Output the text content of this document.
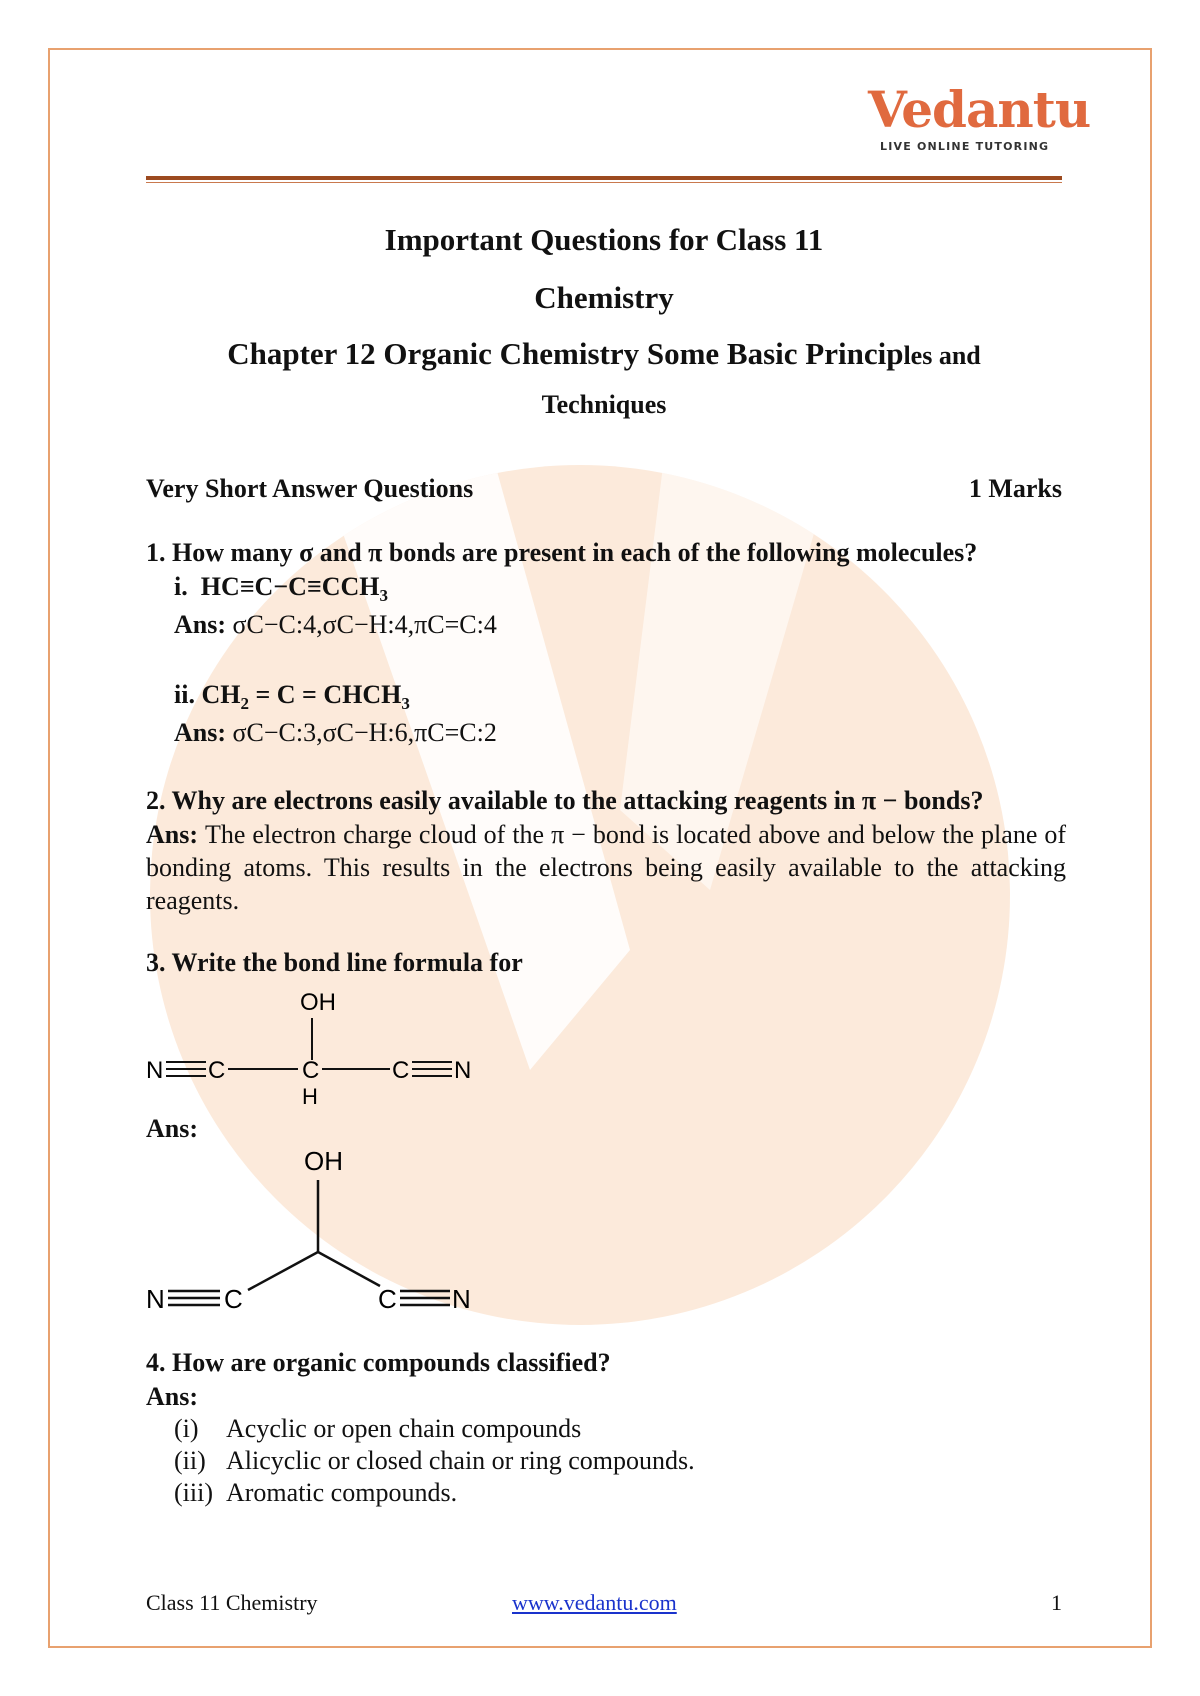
Vedantu
LIVE ONLINE TUTORING
Important Questions for Class 11
Chemistry
Chapter 12 Organic Chemistry Some Basic Principles and
Techniques
Very Short Answer Questions	1 Marks
1. How many σ and π bonds are present in each of the following molecules?
i. $HC\equiv C-C\equiv CCH_3$
Ans: σC−C:4,σC−H:4,πC=C:4
ii. $CH_2 = C$ = $CHCH_3$
Ans: σC−C:3,σC−H:6,πC=C:2
2. Why are electrons easily available to the attacking reagents in π − bonds?
Ans: The electron charge cloud of the π − bond is located above and below the plane of bonding atoms. This results in the electrons being easily available to the attacking reagents.
3. Write the bond line formula for
OH
N C	C
H
C N
Ans:
OH
N C	C N
4. How are organic compounds classified?
Ans:
(i) Acyclic or open chain compounds
(ii) Alicyclic or closed chain or ring compounds.
(iii) Aromatic compounds.
Class 11 Chemistry	www.vedantu.com	1
